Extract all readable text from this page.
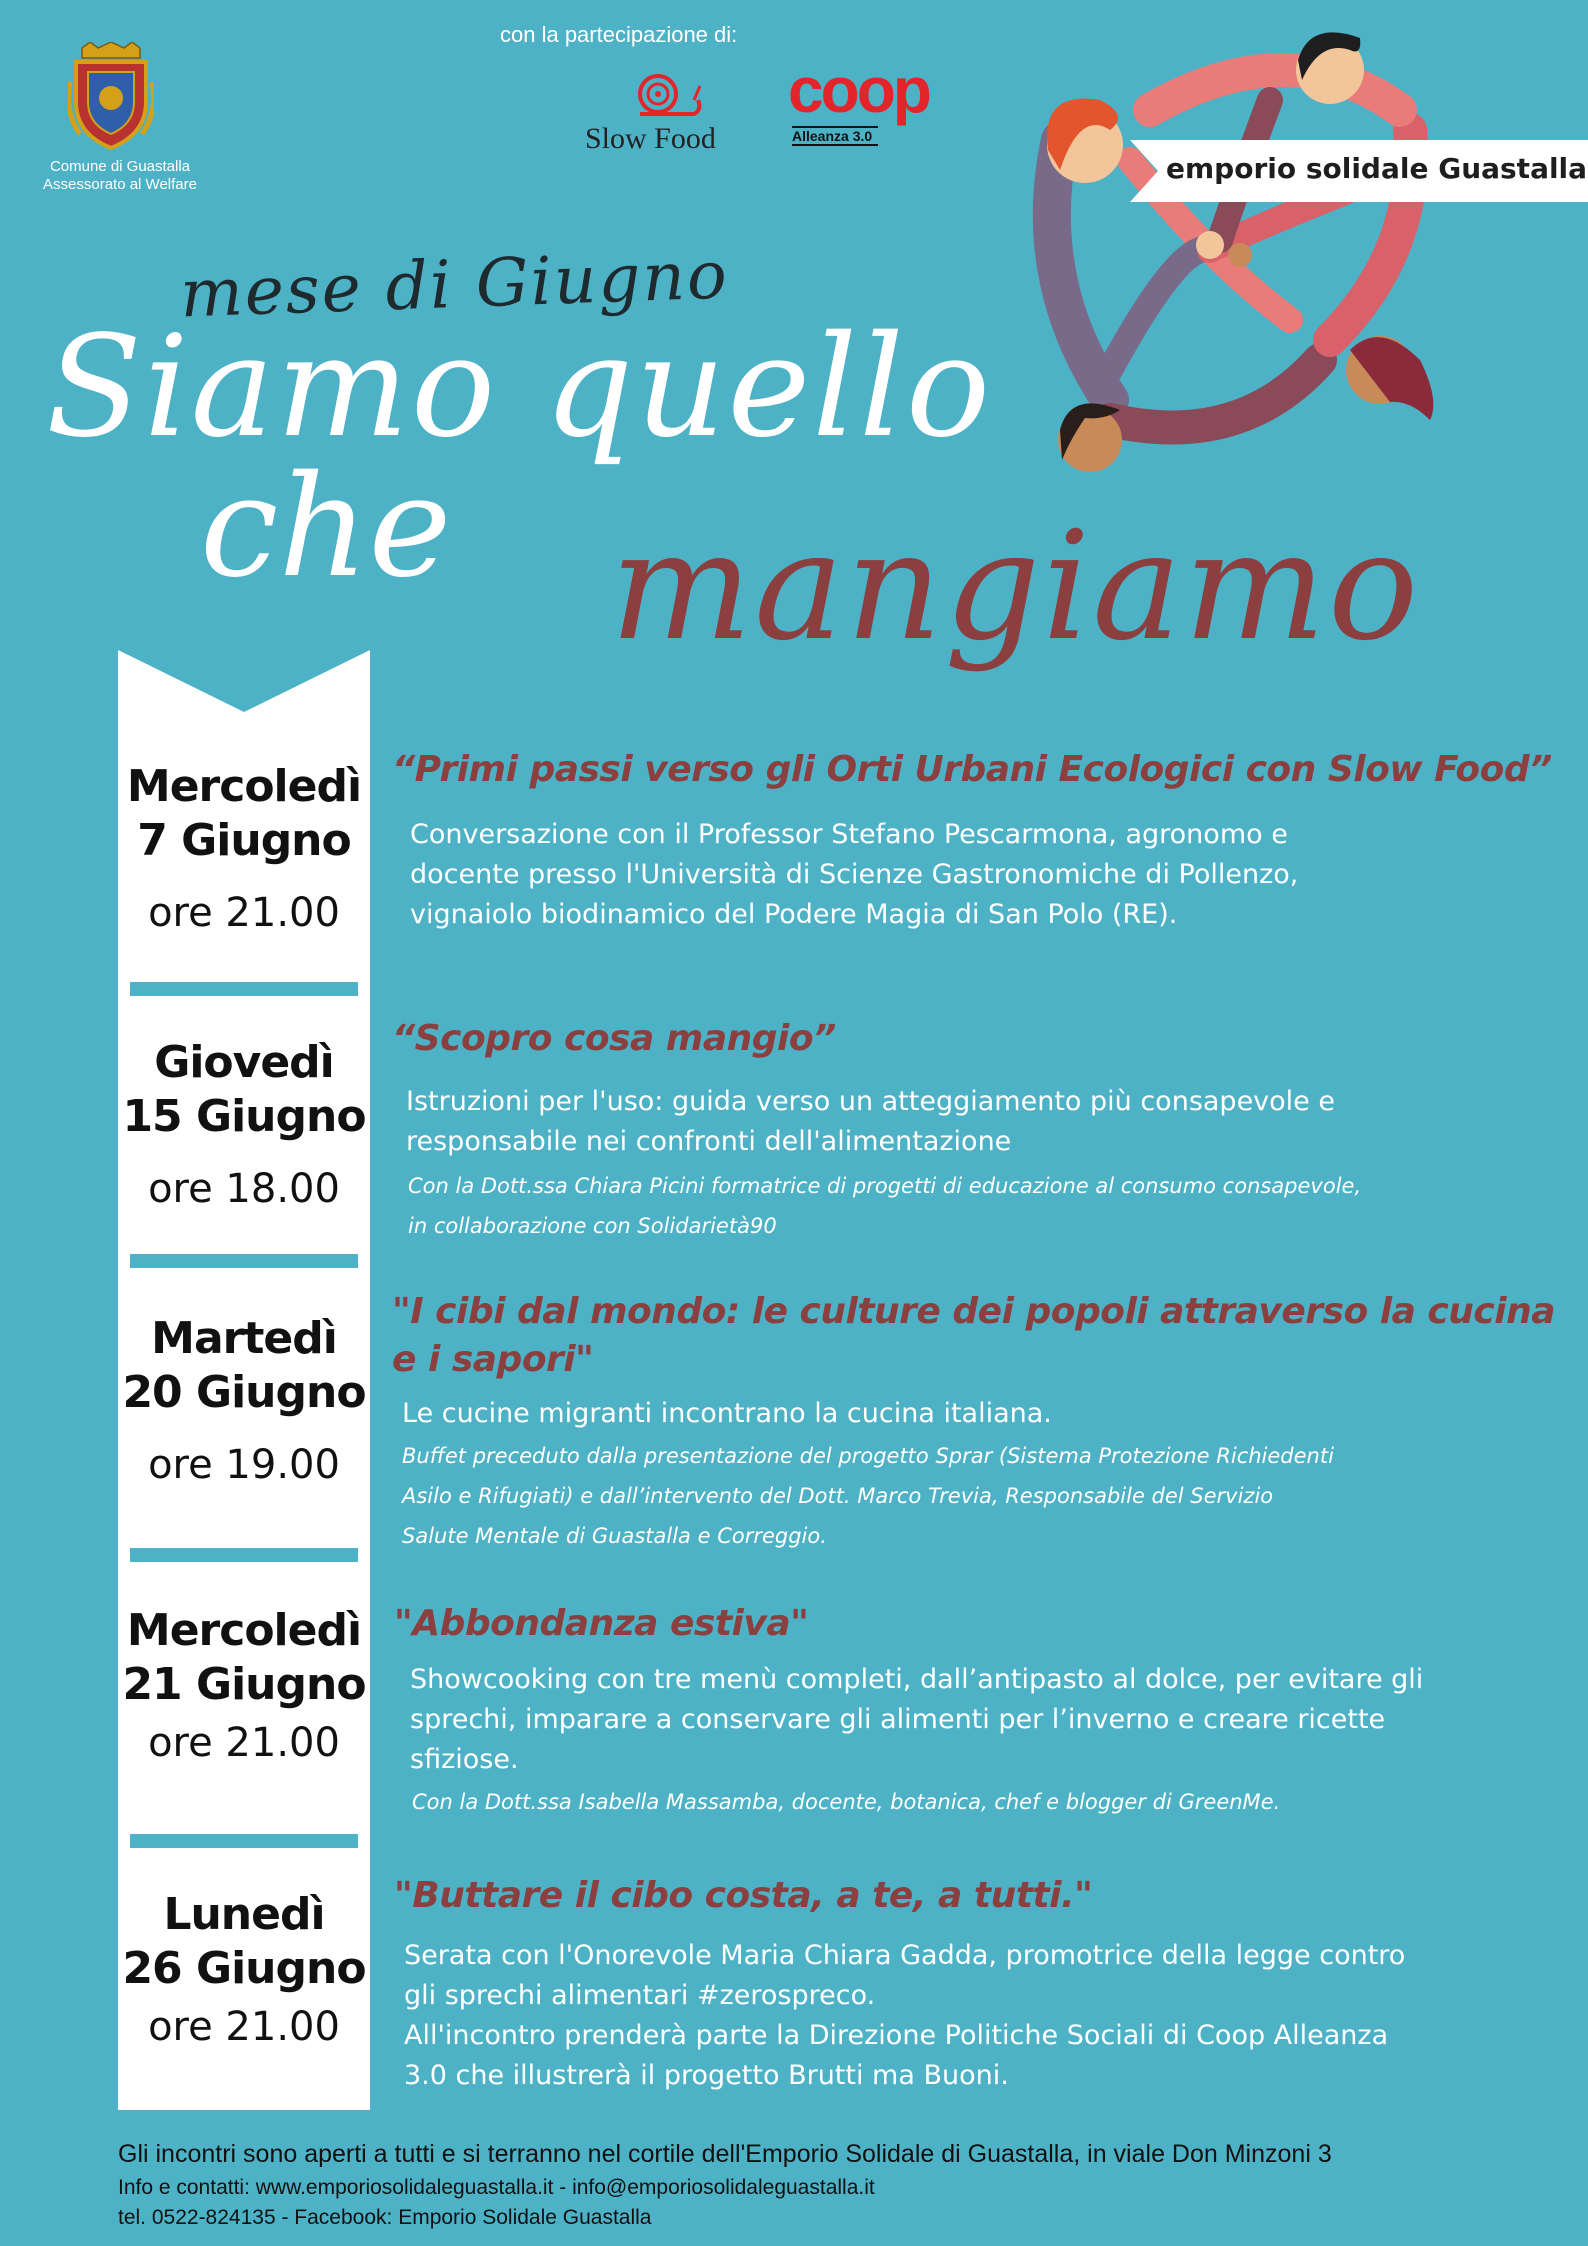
Comune di Guastalla
Assessorato al Welfare
con la partecipazione di:
Slow Food
coop
Alleanza 3.0
emporio solidale Guastalla
mese di Giugno
Siamo quello
che mangiamo
Mercoledì
7 Giugno
ore 21.00
“Primi passi verso gli Orti Urbani Ecologici con Slow Food”
Conversazione con il Professor Stefano Pescarmona, agronomo e
docente presso l'Università di Scienze Gastronomiche di Pollenzo,
vignaiolo biodinamico del Podere Magia di San Polo (RE).
Giovedì
15 Giugno
ore 18.00
“Scopro cosa mangio”
Istruzioni per l'uso: guida verso un atteggiamento più consapevole e
responsabile nei confronti dell'alimentazione
Con la Dott.ssa Chiara Picini formatrice di progetti di educazione al consumo consapevole,
in collaborazione con Solidarietà90
Martedì
20 Giugno
ore 19.00
"I cibi dal mondo: le culture dei popoli attraverso la cucina
e i sapori"
Le cucine migranti incontrano la cucina italiana.
Buffet preceduto dalla presentazione del progetto Sprar (Sistema Protezione Richiedenti
Asilo e Rifugiati) e dall’intervento del Dott. Marco Trevia, Responsabile del Servizio
Salute Mentale di Guastalla e Correggio.
Mercoledì
21 Giugno
ore 21.00
"Abbondanza estiva"
Showcooking con tre menù completi, dall’antipasto al dolce, per evitare gli
sprechi, imparare a conservare gli alimenti per l’inverno e creare ricette
sfiziose.
Con la Dott.ssa Isabella Massamba, docente, botanica, chef e blogger di GreenMe.
Lunedì
26 Giugno
ore 21.00
"Buttare il cibo costa, a te, a tutti."
Serata con l'Onorevole Maria Chiara Gadda, promotrice della legge contro
gli sprechi alimentari #zerospreco.
All'incontro prenderà parte la Direzione Politiche Sociali di Coop Alleanza
3.0 che illustrerà il progetto Brutti ma Buoni.
Gli incontri sono aperti a tutti e si terranno nel cortile dell'Emporio Solidale di Guastalla, in viale Don Minzoni 3
Info e contatti: www.emporiosolidaleguastalla.it - info@emporiosolidaleguastalla.it
tel. 0522-824135 - Facebook: Emporio Solidale Guastalla
